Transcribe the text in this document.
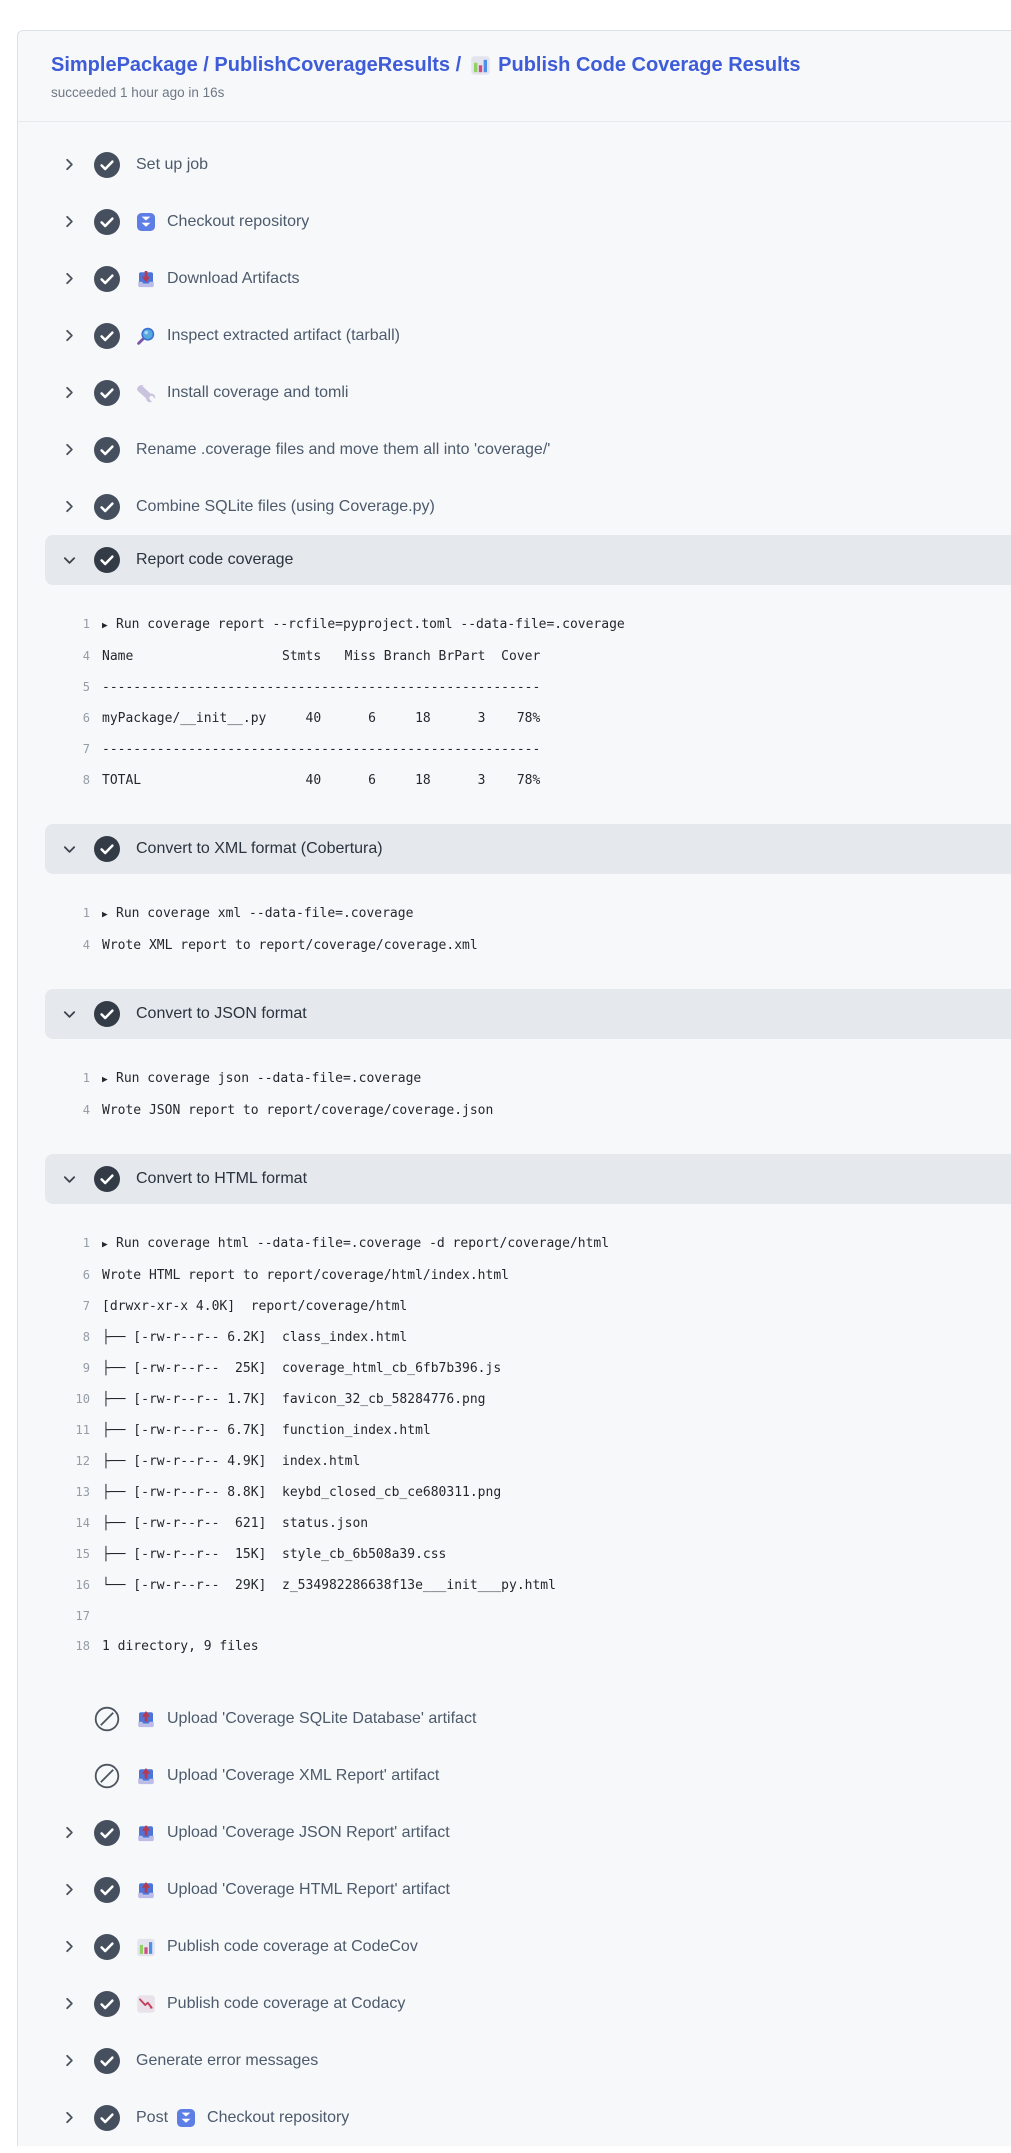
SimplePackage / PublishCoverageResults / Publish Code Coverage Results
succeeded 1 hour ago in 16s
Set up job
Checkout repository
Download Artifacts
Inspect extracted artifact (tarball)
Install coverage and tomli
Rename .coverage files and move them all into 'coverage/'
Combine SQLite files (using Coverage.py)
Report code coverage
1 ▶ Run coverage report --rcfile=pyproject.toml --data-file=.coverage
4 Name                   Stmts   Miss Branch BrPart  Cover
5 --------------------------------------------------------
6 myPackage/__init__.py     40      6     18      3    78%
7 --------------------------------------------------------
8 TOTAL                     40      6     18      3    78%
Convert to XML format (Cobertura)
1 ▶ Run coverage xml --data-file=.coverage
4 Wrote XML report to report/coverage/coverage.xml
Convert to JSON format
1 ▶ Run coverage json --data-file=.coverage
4 Wrote JSON report to report/coverage/coverage.json
Convert to HTML format
1 ▶ Run coverage html --data-file=.coverage -d report/coverage/html
6 Wrote HTML report to report/coverage/html/index.html
7 [drwxr-xr-x 4.0K]  report/coverage/html
8 ├── [-rw-r--r-- 6.2K]  class_index.html
9 ├── [-rw-r--r--  25K]  coverage_html_cb_6fb7b396.js
10 ├── [-rw-r--r-- 1.7K]  favicon_32_cb_58284776.png
11 ├── [-rw-r--r-- 6.7K]  function_index.html
12 ├── [-rw-r--r-- 4.9K]  index.html
13 ├── [-rw-r--r-- 8.8K]  keybd_closed_cb_ce680311.png
14 ├── [-rw-r--r--  621]  status.json
15 ├── [-rw-r--r--  15K]  style_cb_6b508a39.css
16 └── [-rw-r--r--  29K]  z_534982286638f13e___init___py.html
17
18 1 directory, 9 files
Upload 'Coverage SQLite Database' artifact
Upload 'Coverage XML Report' artifact
Upload 'Coverage JSON Report' artifact
Upload 'Coverage HTML Report' artifact
Publish code coverage at CodeCov
Publish code coverage at Codacy
Generate error messages
Post Checkout repository
